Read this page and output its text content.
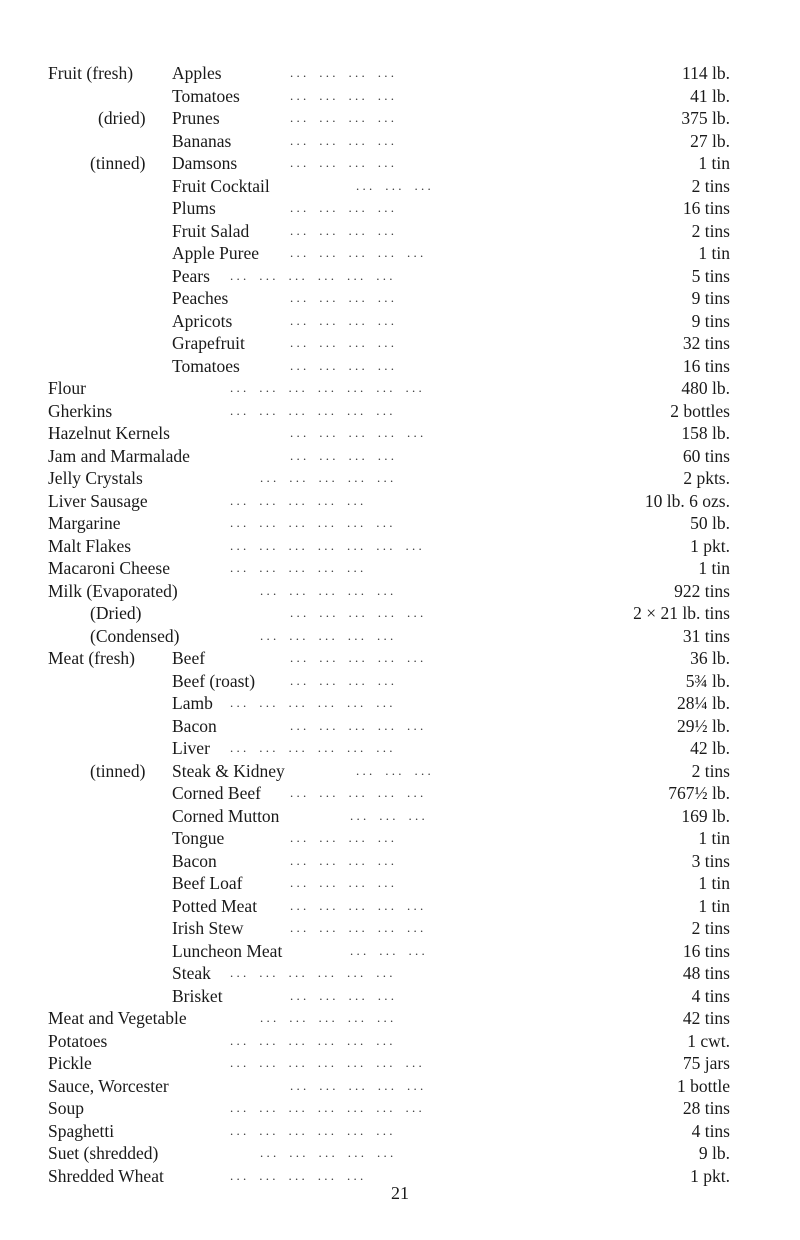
Fruit (fresh) Apples	. . .    . . .    . . .    . . .	114 lb.
Tomatoes	. . .    . . .    . . .    . . .	41 lb.
(dried) Prunes	. . .    . . .    . . .    . . .	375 lb.
Bananas	. . .    . . .    . . .    . . .	27 lb.
(tinned) Damsons	. . .    . . .    . . .    . . .	1 tin
Fruit Cocktail	. . .    . . .    . . .	2 tins
Plums	. . .    . . .    . . .    . . .	16 tins
Fruit Salad	. . .    . . .    . . .    . . .	2 tins
Apple Puree . . .    . . .    . . .    . . .    . . .	1 tin
Pears . . .    . . .    . . .    . . .    . . .    . . .	5 tins
Peaches	. . .    . . .    . . .    . . .	9 tins
Apricots	. . .    . . .    . . .    . . .	9 tins
Grapefruit	. . .    . . .    . . .    . . .	32 tins
Tomatoes	. . .    . . .    . . .    . . .	16 tins
Flour	. . .    . . .    . . .    . . .    . . .    . . .    . . .	480 lb.
Gherkins	. . .    . . .    . . .    . . .    . . .    . . .	2 bottles
Hazelnut Kernels	. . .    . . .    . . .    . . .    . . .	158 lb.
Jam and Marmalade	. . .    . . .    . . .    . . .	60 tins
Jelly Crystals	. . .    . . .    . . .    . . .    . . .	2 pkts.
Liver Sausage	. . .    . . .    . . .    . . .    . . .	10 lb. 6 ozs.
Margarine	. . .    . . .    . . .    . . .    . . .    . . .	50 lb.
Malt Flakes	. . .    . . .    . . .    . . .    . . .    . . .    . . .	1 pkt.
Macaroni Cheese	. . .    . . .    . . .    . . .    . . .	1 tin
Milk (Evaporated)	. . .    . . .    . . .    . . .    . . .	922 tins
(Dried)	. . .    . . .    . . .    . . .    . . .	2 × 21 lb. tins
(Condensed)	. . .    . . .    . . .    . . .    . . .	31 tins
Meat (fresh) Beef	. . .    . . .    . . .    . . .    . . .	36 lb.
Beef (roast)	. . .    . . .    . . .    . . .	5¾ lb.
Lamb . . .    . . .    . . .    . . .    . . .    . . .	28¼ lb.
Bacon	. . .    . . .    . . .    . . .    . . .	29½ lb.
Liver . . .    . . .    . . .    . . .    . . .    . . .	42 lb.
(tinned) Steak & Kidney	. . .    . . .    . . .	2 tins
Corned Beef . . .    . . .    . . .    . . .    . . .	767½ lb.
Corned Mutton	. . .    . . .    . . .	169 lb.
Tongue	. . .    . . .    . . .    . . .	1 tin
Bacon	. . .    . . .    . . .    . . .	3 tins
Beef Loaf	. . .    . . .    . . .    . . .	1 tin
Potted Meat	. . .    . . .    . . .    . . .    . . .	1 tin
Irish Stew	. . .    . . .    . . .    . . .    . . .	2 tins
Luncheon Meat	. . .    . . .    . . .	16 tins
Steak . . .    . . .    . . .    . . .    . . .    . . .	48 tins
Brisket	. . .    . . .    . . .    . . .	4 tins
Meat and Vegetable	. . .    . . .    . . .    . . .    . . .	42 tins
Potatoes	. . .    . . .    . . .    . . .    . . .    . . .	1 cwt.
Pickle	. . .    . . .    . . .    . . .    . . .    . . .    . . .	75 jars
Sauce, Worcester	. . .    . . .    . . .    . . .    . . .	1 bottle
Soup	. . .    . . .    . . .    . . .    . . .    . . .    . . .	28 tins
Spaghetti	. . .    . . .    . . .    . . .    . . .    . . .	4 tins
Suet (shredded)	. . .    . . .    . . .    . . .    . . .	9 lb.
Shredded Wheat	. . .    . . .    . . .    . . .    . . .	1 pkt.
21
